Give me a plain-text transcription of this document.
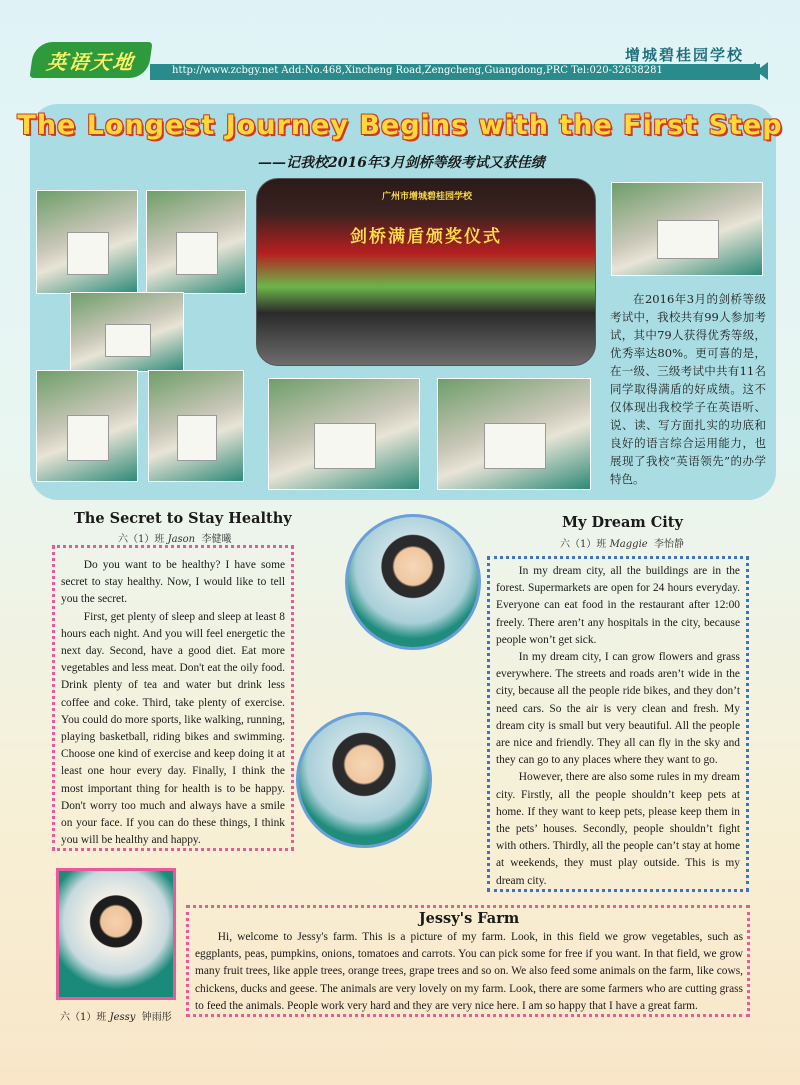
英语天地	http://www.zcbgy.net Add:No.468,Xincheng Road,Zengcheng,Guangdong,PRC Tel:020-32638281
增城碧桂园学校
The Longest Journey Begins with the First Step
——记我校2016年3月剑桥等级考试又获佳绩
广州市增城碧桂园学校
剑桥满盾颁奖仪式
在2016年3月的剑桥等级考试中，我校共有99人参加考试，其中79人获得优秀等级，优秀率达80%。更可喜的是，在一级、三级考试中共有11名同学取得满盾的好成绩。这不仅体现出我校学子在英语听、说、读、写方面扎实的功底和良好的语言综合运用能力，也展现了我校“英语领先”的办学特色。
The Secret to Stay Healthy
六（1）班 Jason 李健曦

Do you want to be healthy? I have some secret to stay healthy. Now, I would like to tell you the secret.

First, get plenty of sleep and sleep at least 8 hours each night. And you will feel energetic the next day. Second, have a good diet. Eat more vegetables and less meat. Don't eat the oily food. Drink plenty of tea and water but drink less coffee and coke. Third, take plenty of exercise. You could do more sports, like walking, running, playing basketball, riding bikes and swimming. Choose one kind of exercise and keep doing it at least one hour every day. Finally, I think the most important thing for health is to be happy. Don't worry too much and always have a smile on your face. If you can do these things, I think you will be healthy and happy.

My Dream City
六（1）班 Maggie 李怡静

In my dream city, all the buildings are in the forest. Supermarkets are open for 24 hours everyday. Everyone can eat food in the restaurant after 12:00 freely. There aren’t any hospitals in the city, because people won’t get sick.

In my dream city, I can grow flowers and grass everywhere. The streets and roads aren’t wide in the city, because all the people ride bikes, and they don’t need cars. So the air is very clean and fresh. My dream city is small but very beautiful. All the people are nice and friendly. They all can fly in the sky and they can go to any places where they want to go.

However, there are also some rules in my dream city. Firstly, all the people shouldn’t keep pets at home. If they want to keep pets, please keep them in the pets’ houses. Secondly, people shouldn’t fight with others. Thirdly, all the people can’t stay at home at weekends, they must play outside. This is my dream city.

六（1）班 Jessy 钟雨彤
Jessy's Farm

Hi, welcome to Jessy's farm. This is a picture of my farm. Look, in this field we grow vegetables, such as eggplants, peas, pumpkins, onions, tomatoes and carrots. You can pick some for free if you want. In that field, we grow many fruit trees, like apple trees, orange trees, grape trees and so on. We also feed some animals on the farm, like cows, chickens, ducks and geese. The animals are very lovely on my farm. Look, there are some farmers who are cutting grass to feed the animals. People work very hard and they are very nice here. I am so happy that I have a great farm.
